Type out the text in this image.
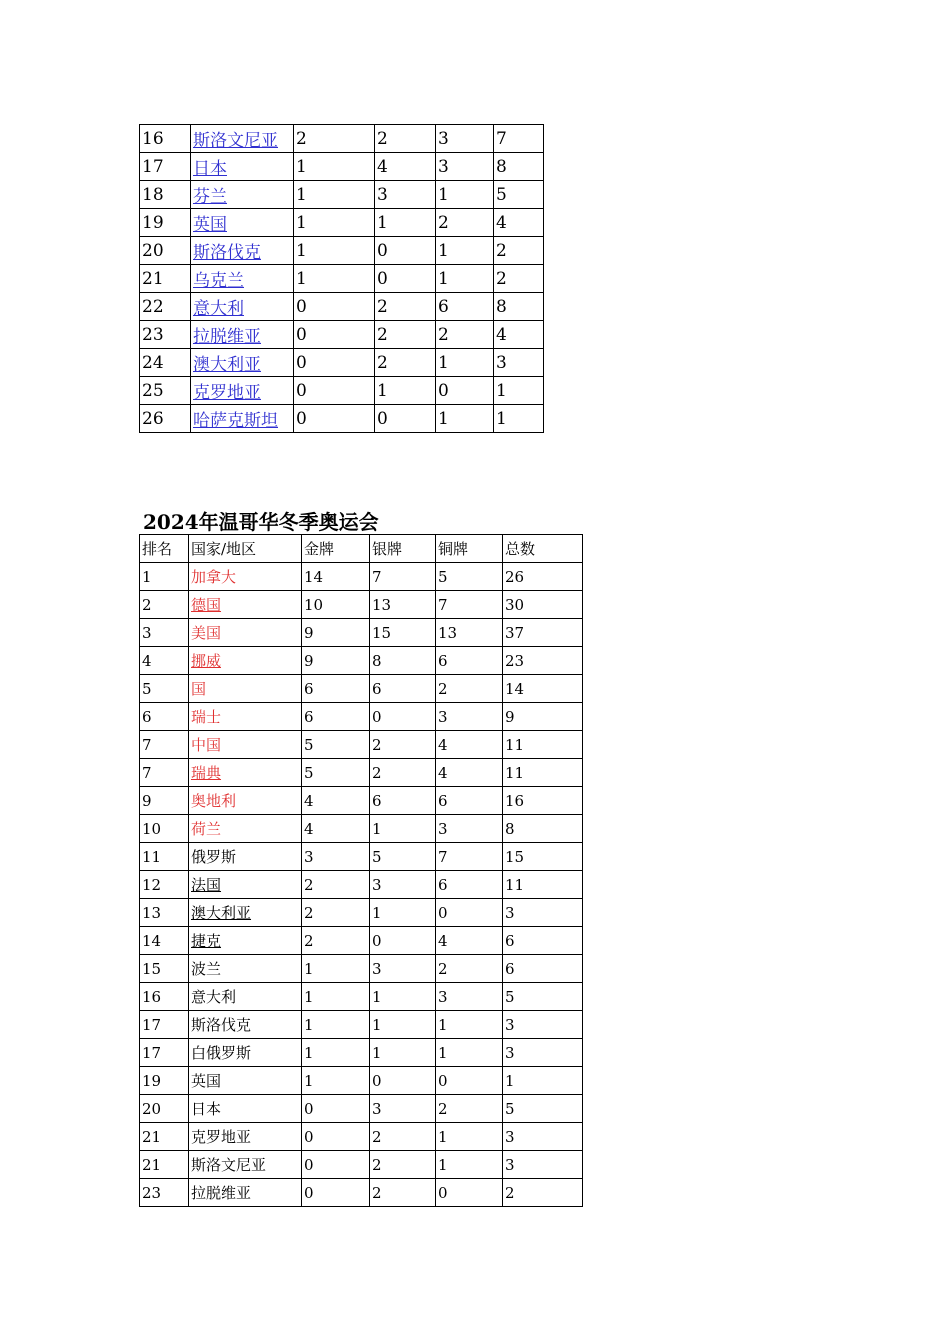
16	斯洛文尼亚	2	2	3	7
17	日本	1	4	3	8
18	芬兰	1	3	1	5
19	英国	1	1	2	4
20	斯洛伐克	1	0	1	2
21	乌克兰	1	0	1	2
22	意大利	0	2	6	8
23	拉脱维亚	0	2	2	4
24	澳大利亚	0	2	1	3
25	克罗地亚	0	1	0	1
26	哈萨克斯坦	0	0	1	1
2024年温哥华冬季奥运会
排名	国家/地区	金牌	银牌	铜牌	总数
1	加拿大	14	7	5	26
2	德国	10	13	7	30
3	美国	9	15	13	37
4	挪威	9	8	6	23
5	国	6	6	2	14
6	瑞士	6	0	3	9
7	中国	5	2	4	11
7	瑞典	5	2	4	11
9	奥地利	4	6	6	16
10	荷兰	4	1	3	8
11	俄罗斯	3	5	7	15
12	法国	2	3	6	11
13	澳大利亚	2	1	0	3
14	捷克	2	0	4	6
15	波兰	1	3	2	6
16	意大利	1	1	3	5
17	斯洛伐克	1	1	1	3
17	白俄罗斯	1	1	1	3
19	英国	1	0	0	1
20	日本	0	3	2	5
21	克罗地亚	0	2	1	3
21	斯洛文尼亚	0	2	1	3
23	拉脱维亚	0	2	0	2
